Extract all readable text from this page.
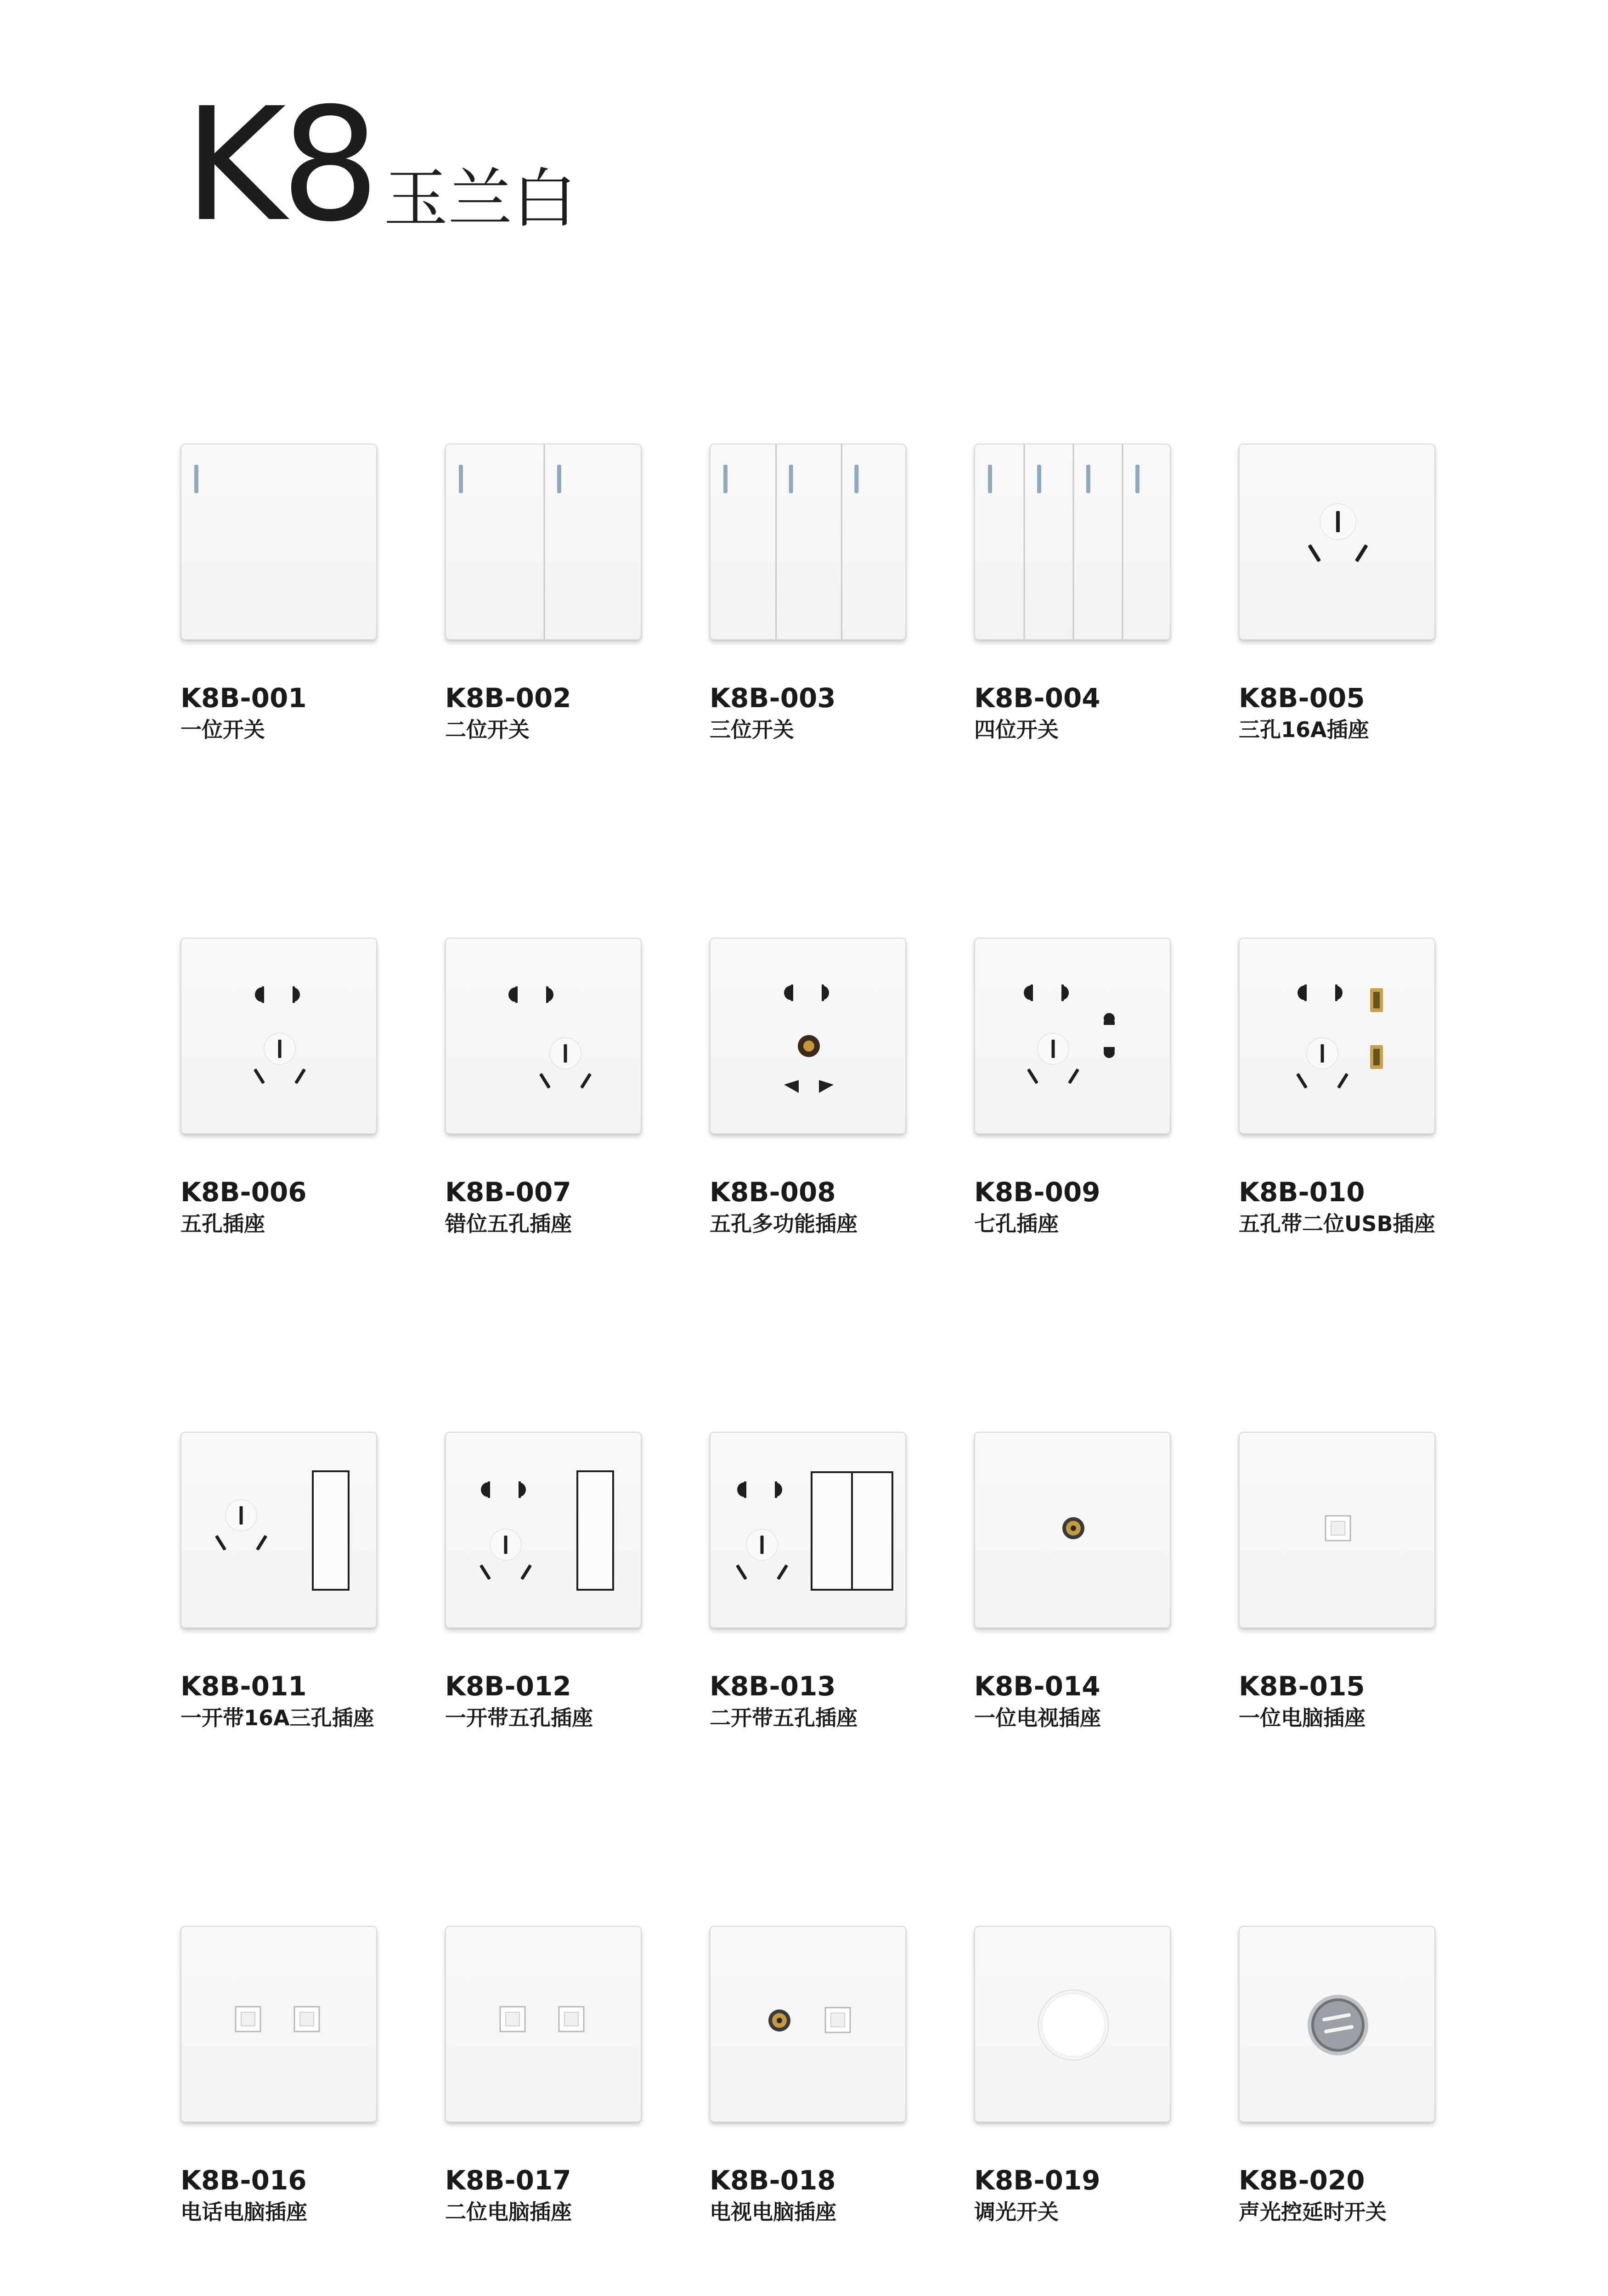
K8 玉兰白
K8B-001
一位开关
K8B-002
二位开关
K8B-003
三位开关
K8B-004
四位开关
K8B-005
三孔16A插座
K8B-006
五孔插座
K8B-007
错位五孔插座
K8B-008
五孔多功能插座
K8B-009
七孔插座
K8B-010
五孔带二位USB插座
K8B-011
一开带16A三孔插座
K8B-012
一开带五孔插座
K8B-013
二开带五孔插座
K8B-014
一位电视插座
K8B-015
一位电脑插座
K8B-016
电话电脑插座
K8B-017
二位电脑插座
K8B-018
电视电脑插座
K8B-019
调光开关
K8B-020
声光控延时开关
